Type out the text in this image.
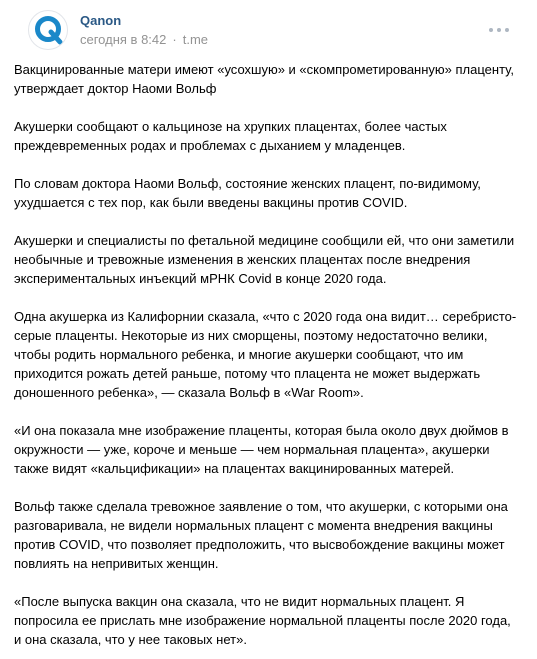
Qanon
сегодня в 8:42 · t.me
Вакцинированные матери имеют «усохшую» и «скомпрометированную» плаценту,
утверждает доктор Наоми Вольф
Акушерки сообщают о кальцинозе на хрупких плацентах, более частых
преждевременных родах и проблемах с дыханием у младенцев.
По словам доктора Наоми Вольф, состояние женских плацент, по-видимому,
ухудшается с тех пор, как были введены вакцины против COVID.
Акушерки и специалисты по фетальной медицине сообщили ей, что они заметили
необычные и тревожные изменения в женских плацентах после внедрения
экспериментальных инъекций мРНК Covid в конце 2020 года.
Одна акушерка из Калифорнии сказала, «что с 2020 года она видит… серебристо-
серые плаценты. Некоторые из них сморщены, поэтому недостаточно велики,
чтобы родить нормального ребенка, и многие акушерки сообщают, что им
приходится рожать детей раньше, потому что плацента не может выдержать
доношенного ребенка», — сказала Вольф в «War Room».
«И она показала мне изображение плаценты, которая была около двух дюймов в
окружности — уже, короче и меньше — чем нормальная плацента», акушерки
также видят «кальцификации» на плацентах вакцинированных матерей.
Вольф также сделала тревожное заявление о том, что акушерки, с которыми она
разговаривала, не видели нормальных плацент с момента внедрения вакцины
против COVID, что позволяет предположить, что высвобождение вакцины может
повлиять на непривитых женщин.
«После выпуска вакцин она сказала, что не видит нормальных плацент. Я
попросила ее прислать мне изображение нормальной плаценты после 2020 года,
и она сказала, что у нее таковых нет».
